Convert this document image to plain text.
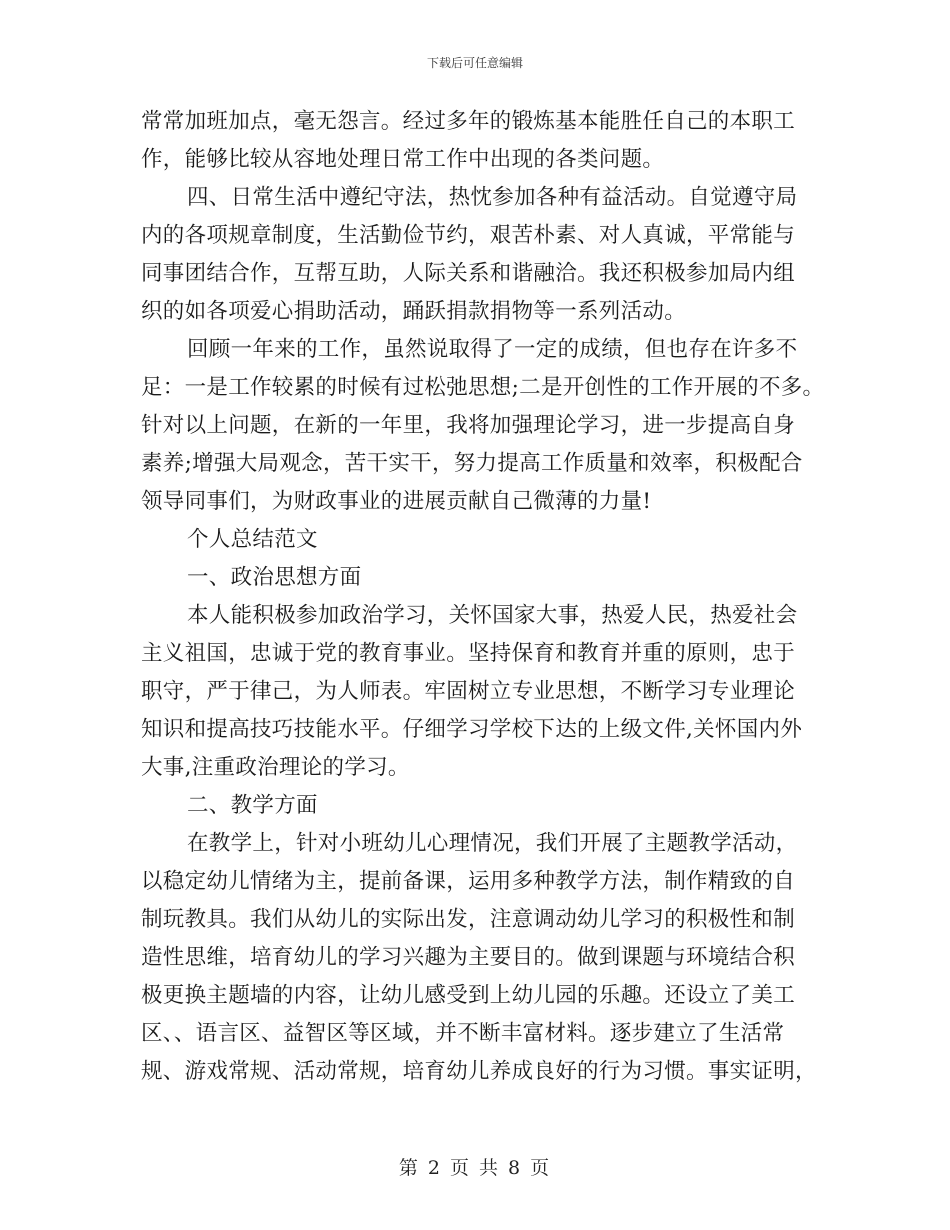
下载后可任意编辑
常常加班加点，毫无怨言。经过多年的锻炼基本能胜任自己的本职工
作，能够比较从容地处理日常工作中出现的各类问题。
四、日常生活中遵纪守法，热忱参加各种有益活动。自觉遵守局
内的各项规章制度，生活勤俭节约，艰苦朴素、对人真诚，平常能与
同事团结合作，互帮互助，人际关系和谐融洽。我还积极参加局内组
织的如各项爱心捐助活动，踊跃捐款捐物等一系列活动。
回顾一年来的工作，虽然说取得了一定的成绩，但也存在许多不
足：一是工作较累的时候有过松弛思想;二是开创性的工作开展的不多。
针对以上问题，在新的一年里，我将加强理论学习，进一步提高自身
素养;增强大局观念，苦干实干，努力提高工作质量和效率，积极配合
领导同事们，为财政事业的进展贡献自己微薄的力量!
个人总结范文
一、政治思想方面
本人能积极参加政治学习，关怀国家大事，热爱人民，热爱社会
主义祖国，忠诚于党的教育事业。坚持保育和教育并重的原则，忠于
职守，严于律己，为人师表。牢固树立专业思想，不断学习专业理论
知识和提高技巧技能水平。仔细学习学校下达的上级文件,关怀国内外
大事,注重政治理论的学习。
二、教学方面
在教学上，针对小班幼儿心理情况，我们开展了主题教学活动，
以稳定幼儿情绪为主，提前备课，运用多种教学方法，制作精致的自
制玩教具。我们从幼儿的实际出发，注意调动幼儿学习的积极性和制
造性思维，培育幼儿的学习兴趣为主要目的。做到课题与环境结合积
极更换主题墙的内容，让幼儿感受到上幼儿园的乐趣。还设立了美工
区、、语言区、益智区等区域，并不断丰富材料。逐步建立了生活常
规、游戏常规、活动常规，培育幼儿养成良好的行为习惯。事实证明，
第 2 页 共 8 页
